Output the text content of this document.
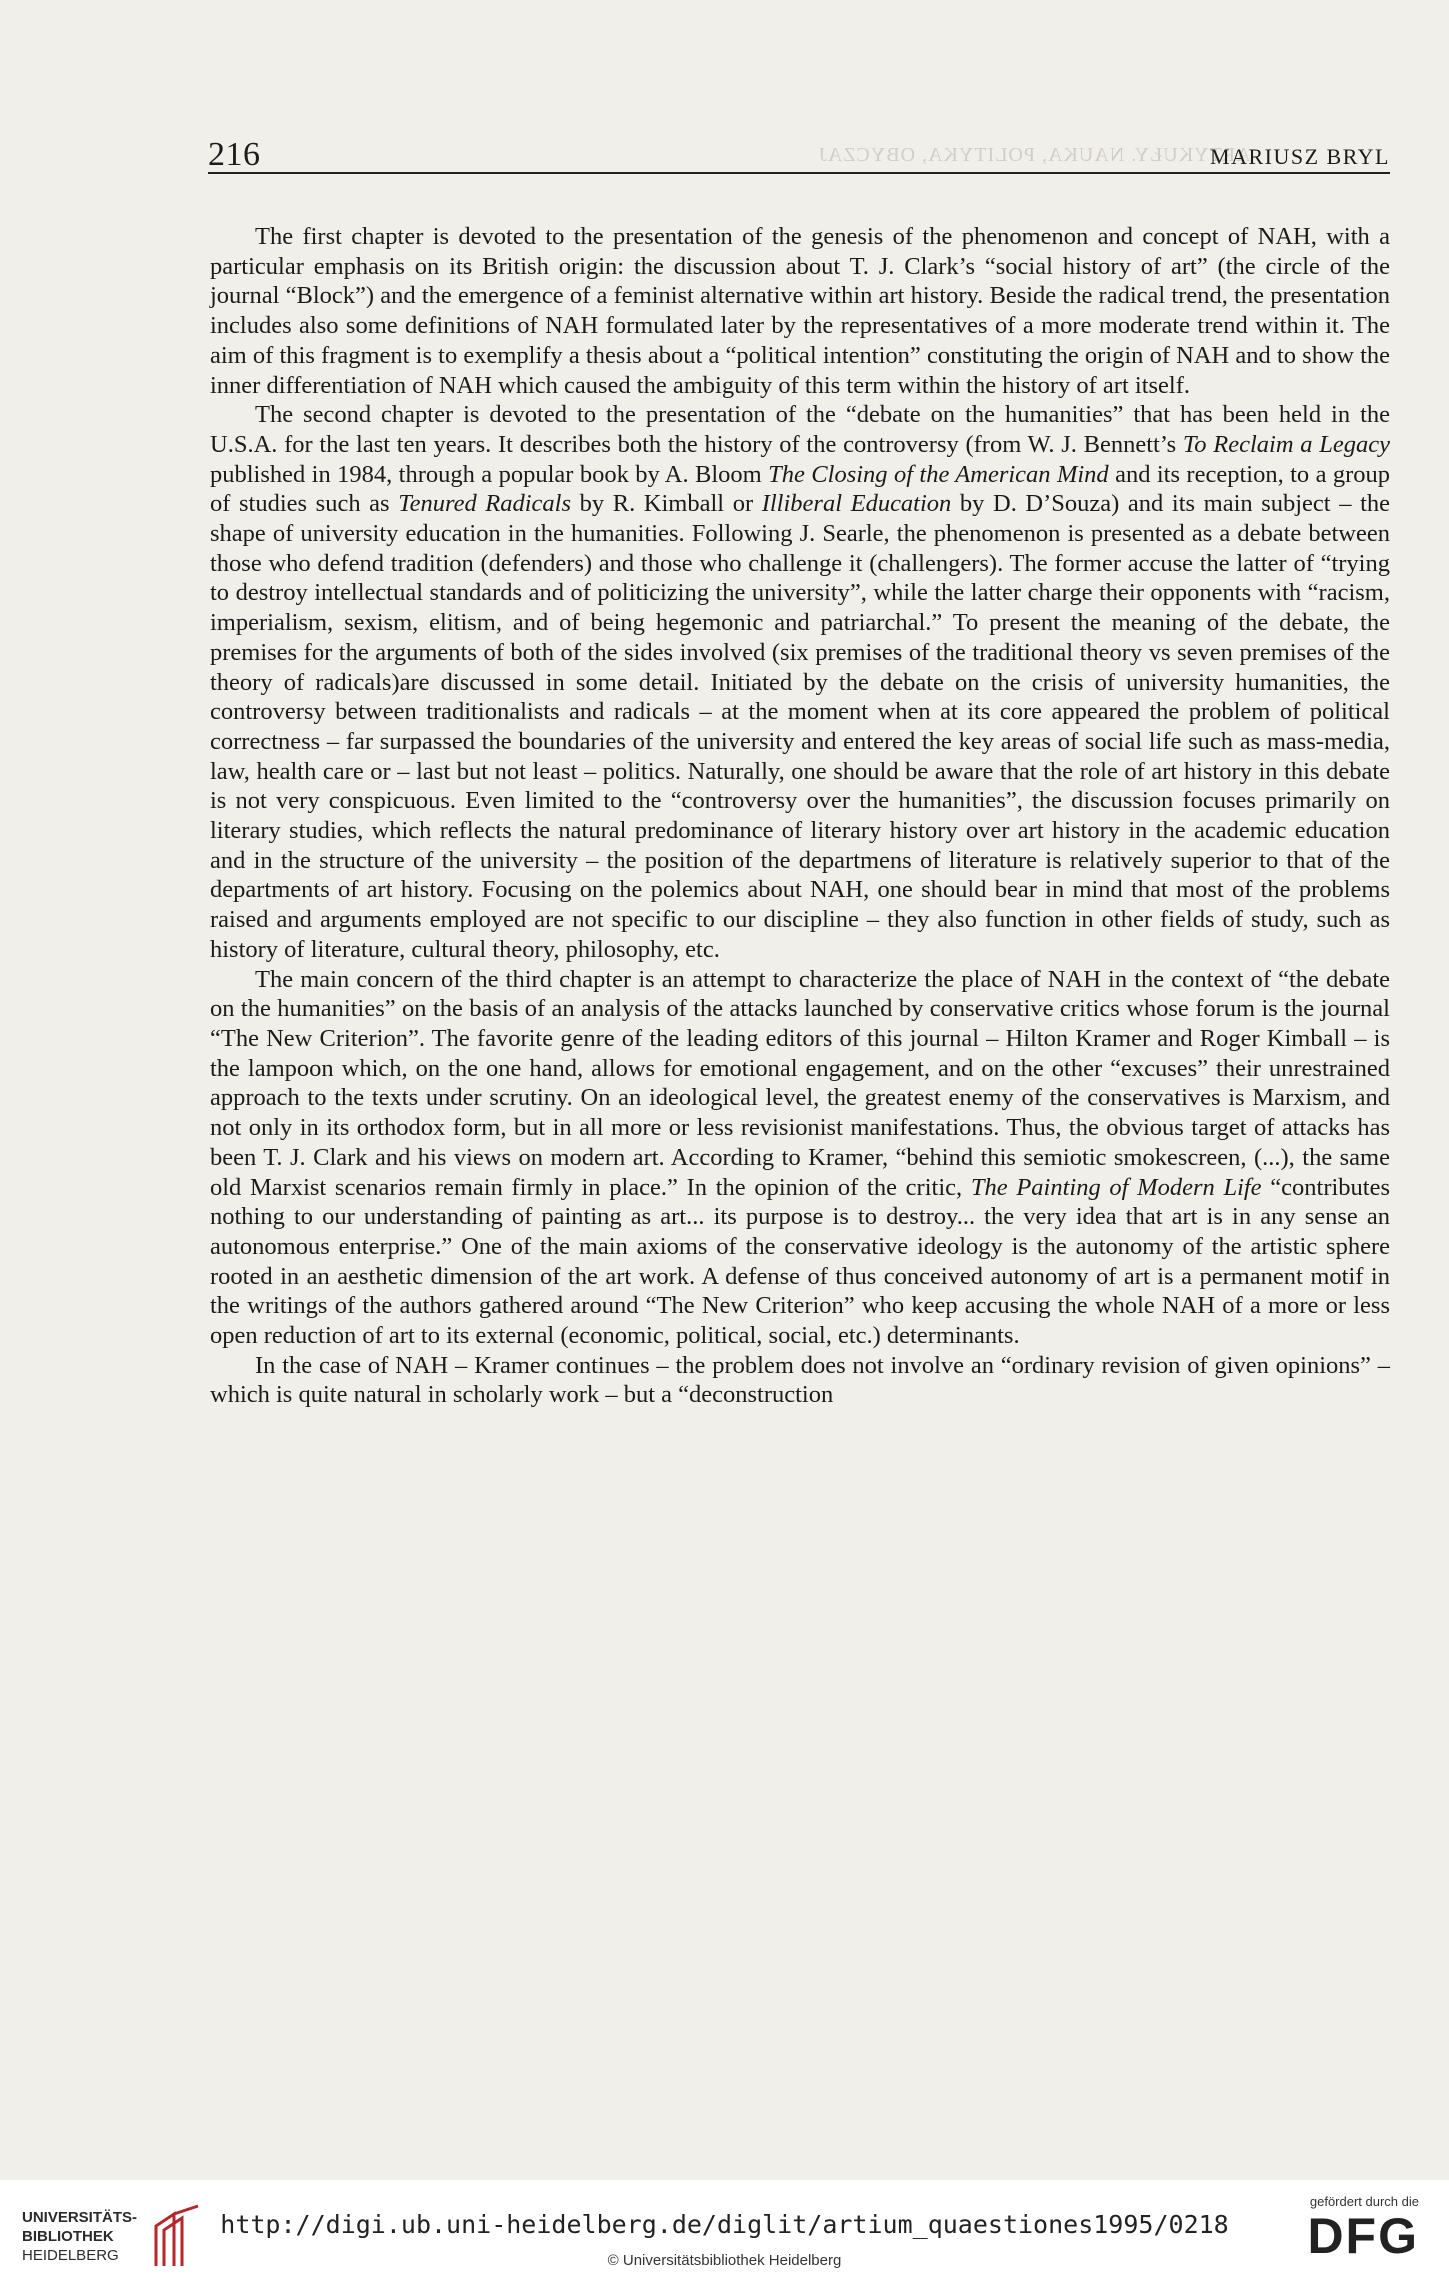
216	ARTYKUŁY. NAUKA, POLITYKA, OBYCZAJ
MARIUSZ BRYL

The first chapter is devoted to the presentation of the genesis of the phenomenon and concept of NAH, with a particular emphasis on its British origin: the discussion about T. J. Clark’s “social history of art” (the circle of the journal “Block”) and the emergence of a feminist alternative within art history. Beside the radical trend, the presentation includes also some definitions of NAH formulated later by the representatives of a more moderate trend within it. The aim of this fragment is to exemplify a thesis about a “political intention” constituting the origin of NAH and to show the inner differentiation of NAH which caused the ambiguity of this term within the history of art itself.

The second chapter is devoted to the presentation of the “debate on the humanities” that has been held in the U.S.A. for the last ten years. It describes both the history of the controversy (from W. J. Bennett’s To Reclaim a Legacy published in 1984, through a popular book by A. Bloom The Closing of the American Mind and its reception, to a group of studies such as Tenured Radicals by R. Kimball or Illiberal Education by D. D’Souza) and its main subject – the shape of university education in the humanities. Following J. Searle, the phenomenon is presented as a debate between those who defend tradition (defenders) and those who challenge it (challengers). The former accuse the latter of “trying to destroy intellectual standards and of politicizing the university”, while the latter charge their opponents with “racism, imperialism, sexism, elitism, and of being hegemonic and patriarchal.” To present the meaning of the debate, the premises for the arguments of both of the sides involved (six premises of the traditional theory vs seven premises of the theory of radicals)are discussed in some detail. Initiated by the debate on the crisis of university humanities, the controversy between traditionalists and radicals – at the moment when at its core appeared the problem of political correctness – far surpassed the boundaries of the university and entered the key areas of social life such as mass-media, law, health care or – last but not least – politics. Naturally, one should be aware that the role of art history in this debate is not very conspicuous. Even limited to the “controversy over the humanities”, the discussion focuses primarily on literary studies, which reflects the natural predominance of literary history over art history in the academic education and in the structure of the university – the position of the departmens of literature is relatively superior to that of the departments of art history. Focusing on the polemics about NAH, one should bear in mind that most of the problems raised and arguments employed are not specific to our discipline – they also function in other fields of study, such as history of literature, cultural theory, philosophy, etc.

The main concern of the third chapter is an attempt to characterize the place of NAH in the context of “the debate on the humanities” on the basis of an analysis of the attacks launched by conservative critics whose forum is the journal “The New Criterion”. The favorite genre of the leading editors of this journal – Hilton Kramer and Roger Kimball – is the lampoon which, on the one hand, allows for emotional engagement, and on the other “excuses” their unrestrained approach to the texts under scrutiny. On an ideological level, the greatest enemy of the conservatives is Marxism, and not only in its orthodox form, but in all more or less revisionist manifestations. Thus, the obvious target of attacks has been T. J. Clark and his views on modern art. According to Kramer, “behind this semiotic smokescreen, (...), the same old Marxist scenarios remain firmly in place.” In the opinion of the critic, The Painting of Modern Life “contributes nothing to our understanding of painting as art... its purpose is to destroy... the very idea that art is in any sense an autonomous enterprise.” One of the main axioms of the conservative ideology is the autonomy of the artistic sphere rooted in an aesthetic dimension of the art work. A defense of thus conceived autonomy of art is a permanent motif in the writings of the authors gathered around “The New Criterion” who keep accusing the whole NAH of a more or less open reduction of art to its external (economic, political, social, etc.) determinants.

In the case of NAH – Kramer continues – the problem does not involve an “ordinary revision of given opinions” – which is quite natural in scholarly work – but a “deconstruction

UNIVERSITÄTS-
BIBLIOTHEK
HEIDELBERG
http://digi.ub.uni-heidelberg.de/diglit/artium_quaestiones1995/0218
© Universitätsbibliothek Heidelberg
gefördert durch die
DFG
